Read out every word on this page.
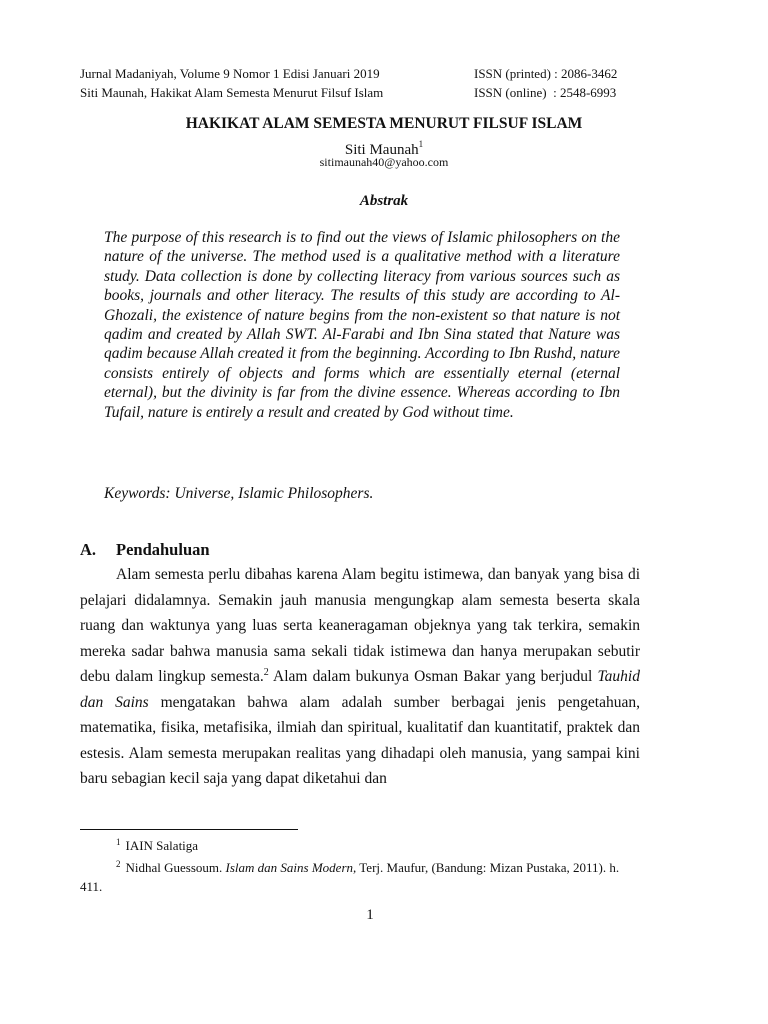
Jurnal Madaniyah, Volume 9 Nomor 1 Edisi Januari 2019
Siti Maunah, Hakikat Alam Semesta Menurut Filsuf Islam
ISSN (printed) : 2086-3462
ISSN (online)  : 2548-6993
HAKIKAT ALAM SEMESTA MENURUT FILSUF ISLAM
Siti Maunah$^1$
sitimaunah40@yahoo.com
Abstrak

The purpose of this research is to find out the views of Islamic philosophers on the nature of the universe. The method used is a qualitative method with a literature study. Data collection is done by collecting literacy from various sources such as books, journals and other literacy. The results of this study are according to Al-Ghozali, the existence of nature begins from the non-existent so that nature is not qadim and created by Allah SWT. Al-Farabi and Ibn Sina stated that Nature was qadim because Allah created it from the beginning. According to Ibn Rushd, nature consists entirely of objects and forms which are essentially eternal (eternal eternal), but the divinity is far from the divine essence. Whereas according to Ibn Tufail, nature is entirely a result and created by God without time.

Keywords: Universe, Islamic Philosophers.

A. Pendahuluan

Alam semesta perlu dibahas karena Alam begitu istimewa, dan banyak yang bisa di pelajari didalamnya. Semakin jauh manusia mengungkap alam semesta beserta skala ruang dan waktunya yang luas serta keaneragaman objeknya yang tak terkira, semakin mereka sadar bahwa manusia sama sekali tidak istimewa dan hanya merupakan sebutir debu dalam lingkup semesta.$^2$ Alam dalam bukunya Osman Bakar yang berjudul Tauhid dan Sains mengatakan bahwa alam adalah sumber berbagai jenis pengetahuan, matematika, fisika, metafisika, ilmiah dan spiritual, kualitatif dan kuantitatif, praktek dan estesis. Alam semesta merupakan realitas yang dihadapi oleh manusia, yang sampai kini baru sebagian kecil saja yang dapat diketahui dan

$^1$ IAIN Salatiga

$^2$ Nidhal Guessoum. Islam dan Sains Modern, Terj. Maufur, (Bandung: Mizan Pustaka, 2011). h. 411.

1
